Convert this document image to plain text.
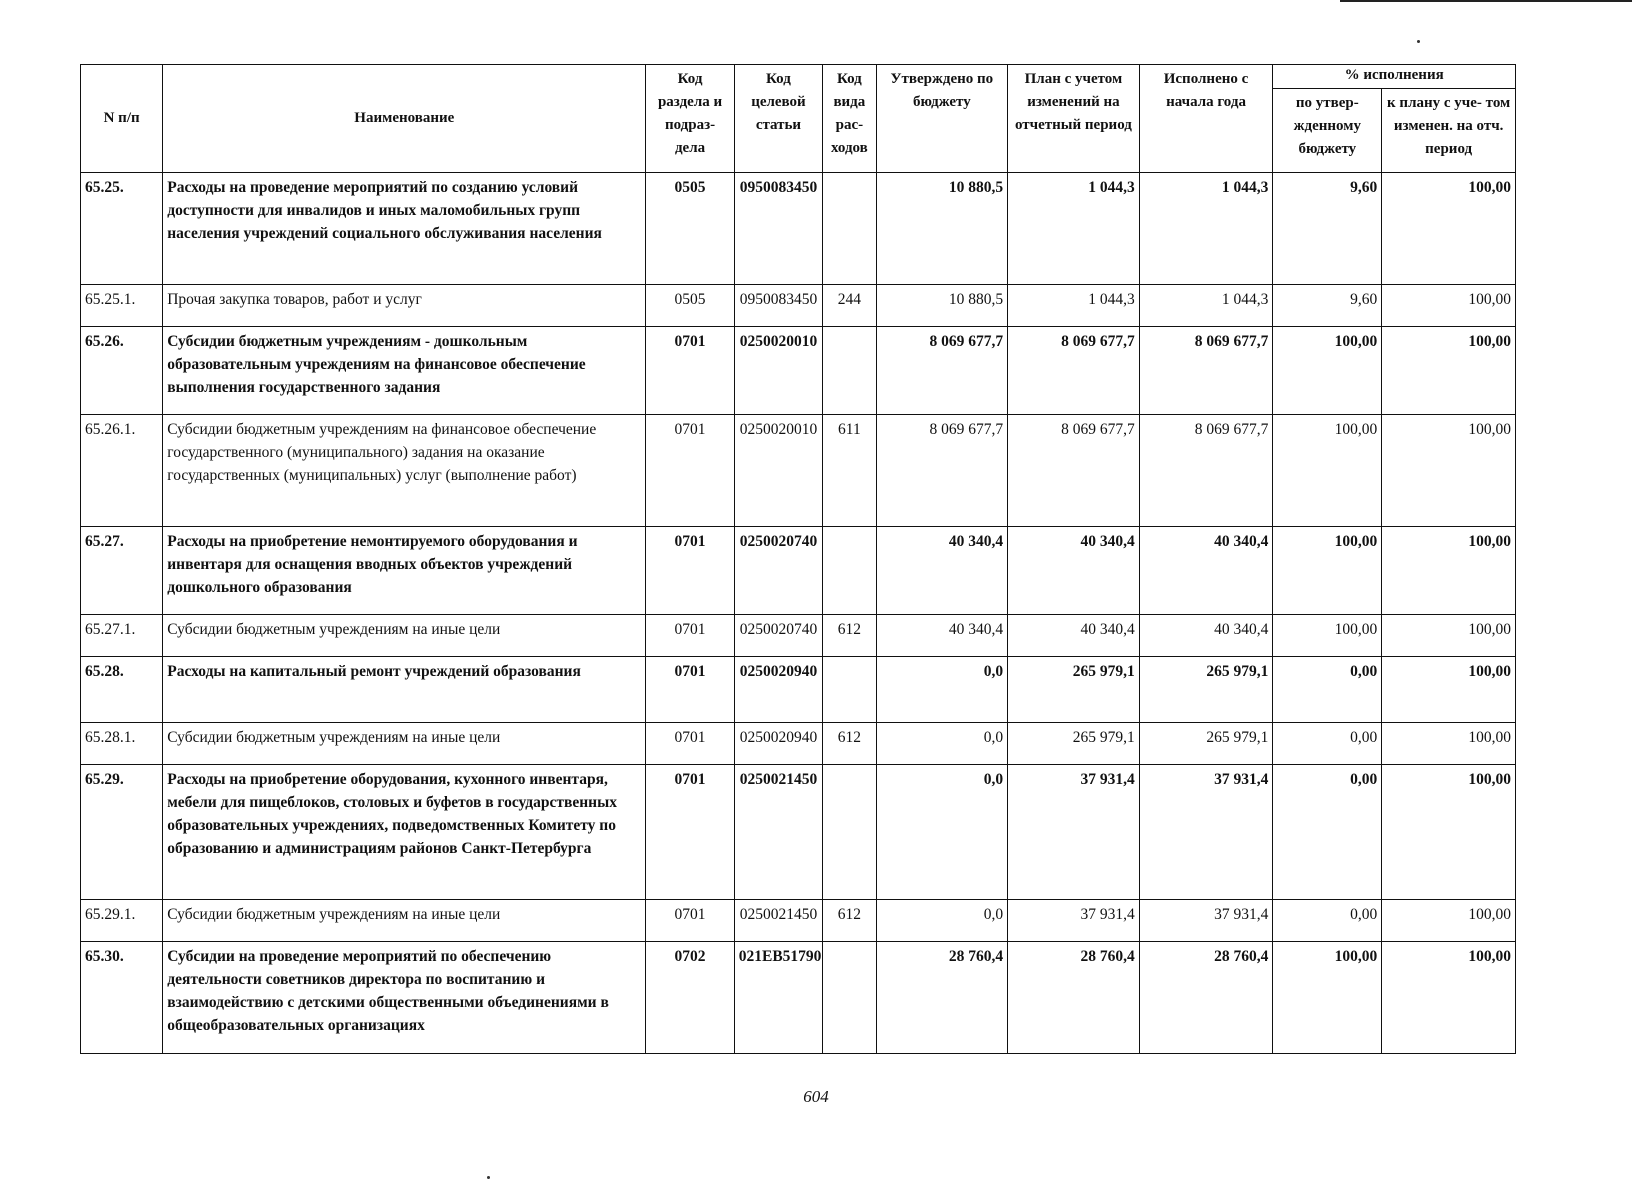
N п/п	Наименование	Код раздела и подраз- дела	Код целевой статьи	Код вида рас- ходов	Утверждено по бюджету	План с учетом изменений на отчетный период	Исполнено с начала года	% исполнения	
								по утвер- жденному бюджету	к плану с уче- том изменен. на отч. период
65.25.	Расходы на проведение мероприятий по созданию условий доступности для инвалидов и иных маломобильных групп населения учреждений социального обслуживания населения	0505	0950083450		10 880,5	1 044,3	1 044,3	9,60	100,00
65.25.1.	Прочая закупка товаров, работ и услуг	0505	0950083450	244	10 880,5	1 044,3	1 044,3	9,60	100,00
65.26.	Субсидии бюджетным учреждениям - дошкольным образовательным учреждениям на финансовое обеспечение выполнения государственного задания	0701	0250020010		8 069 677,7	8 069 677,7	8 069 677,7	100,00	100,00
65.26.1.	Субсидии бюджетным учреждениям на финансовое обеспечение государственного (муниципального) задания на оказание государственных (муниципальных) услуг (выполнение работ)	0701	0250020010	611	8 069 677,7	8 069 677,7	8 069 677,7	100,00	100,00
65.27.	Расходы на приобретение немонтируемого оборудования и инвентаря для оснащения вводных объектов учреждений дошкольного образования	0701	0250020740		40 340,4	40 340,4	40 340,4	100,00	100,00
65.27.1.	Субсидии бюджетным учреждениям на иные цели	0701	0250020740	612	40 340,4	40 340,4	40 340,4	100,00	100,00
65.28.	Расходы на капитальный ремонт учреждений образования	0701	0250020940		0,0	265 979,1	265 979,1	0,00	100,00
65.28.1.	Субсидии бюджетным учреждениям на иные цели	0701	0250020940	612	0,0	265 979,1	265 979,1	0,00	100,00
65.29.	Расходы на приобретение оборудования, кухонного инвентаря, мебели для пищеблоков, столовых и буфетов в государственных образовательных учреждениях, подведомственных Комитету по образованию и администрациям районов Санкт-Петербурга	0701	0250021450		0,0	37 931,4	37 931,4	0,00	100,00
65.29.1.	Субсидии бюджетным учреждениям на иные цели	0701	0250021450	612	0,0	37 931,4	37 931,4	0,00	100,00
65.30.	Субсидии на проведение мероприятий по обеспечению деятельности советников директора по воспитанию и взаимодействию с детскими общественными объединениями в общеобразовательных организациях	0702	021EB51790		28 760,4	28 760,4	28 760,4	100,00	100,00
604
